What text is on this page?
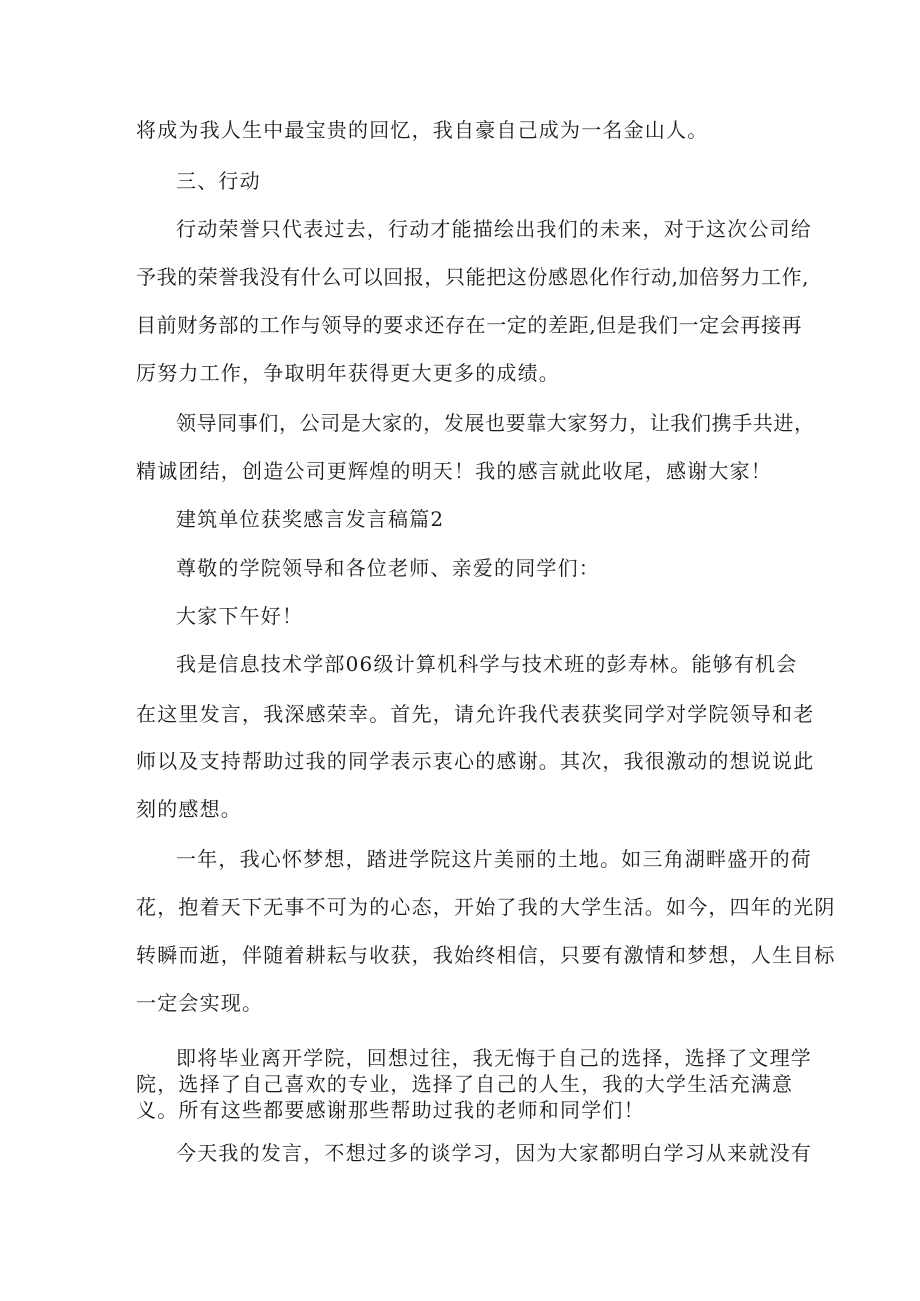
将成为我人生中最宝贵的回忆，我自豪自己成为一名金山人。
三、行动
行动荣誉只代表过去，行动才能描绘出我们的未来，对于这次公司给
予我的荣誉我没有什么可以回报，只能把这份感恩化作行动,加倍努力工作,
目前财务部的工作与领导的要求还存在一定的差距,但是我们一定会再接再
厉努力工作，争取明年获得更大更多的成绩。
领导同事们，公司是大家的，发展也要靠大家努力，让我们携手共进，
精诚团结，创造公司更辉煌的明天！我的感言就此收尾，感谢大家！
建筑单位获奖感言发言稿篇2
尊敬的学院领导和各位老师、亲爱的同学们：
大家下午好！
我是信息技术学部06级计算机科学与技术班的彭寿林。能够有机会
在这里发言，我深感荣幸。首先，请允许我代表获奖同学对学院领导和老
师以及支持帮助过我的同学表示衷心的感谢。其次，我很激动的想说说此
刻的感想。
一年，我心怀梦想，踏进学院这片美丽的土地。如三角湖畔盛开的荷
花，抱着天下无事不可为的心态，开始了我的大学生活。如今，四年的光阴
转瞬而逝，伴随着耕耘与收获，我始终相信，只要有激情和梦想，人生目标
一定会实现。
即将毕业离开学院，回想过往，我无悔于自己的选择，选择了文理学
院，选择了自己喜欢的专业，选择了自己的人生，我的大学生活充满意
义。所有这些都要感谢那些帮助过我的老师和同学们！
今天我的发言，不想过多的谈学习，因为大家都明白学习从来就没有
